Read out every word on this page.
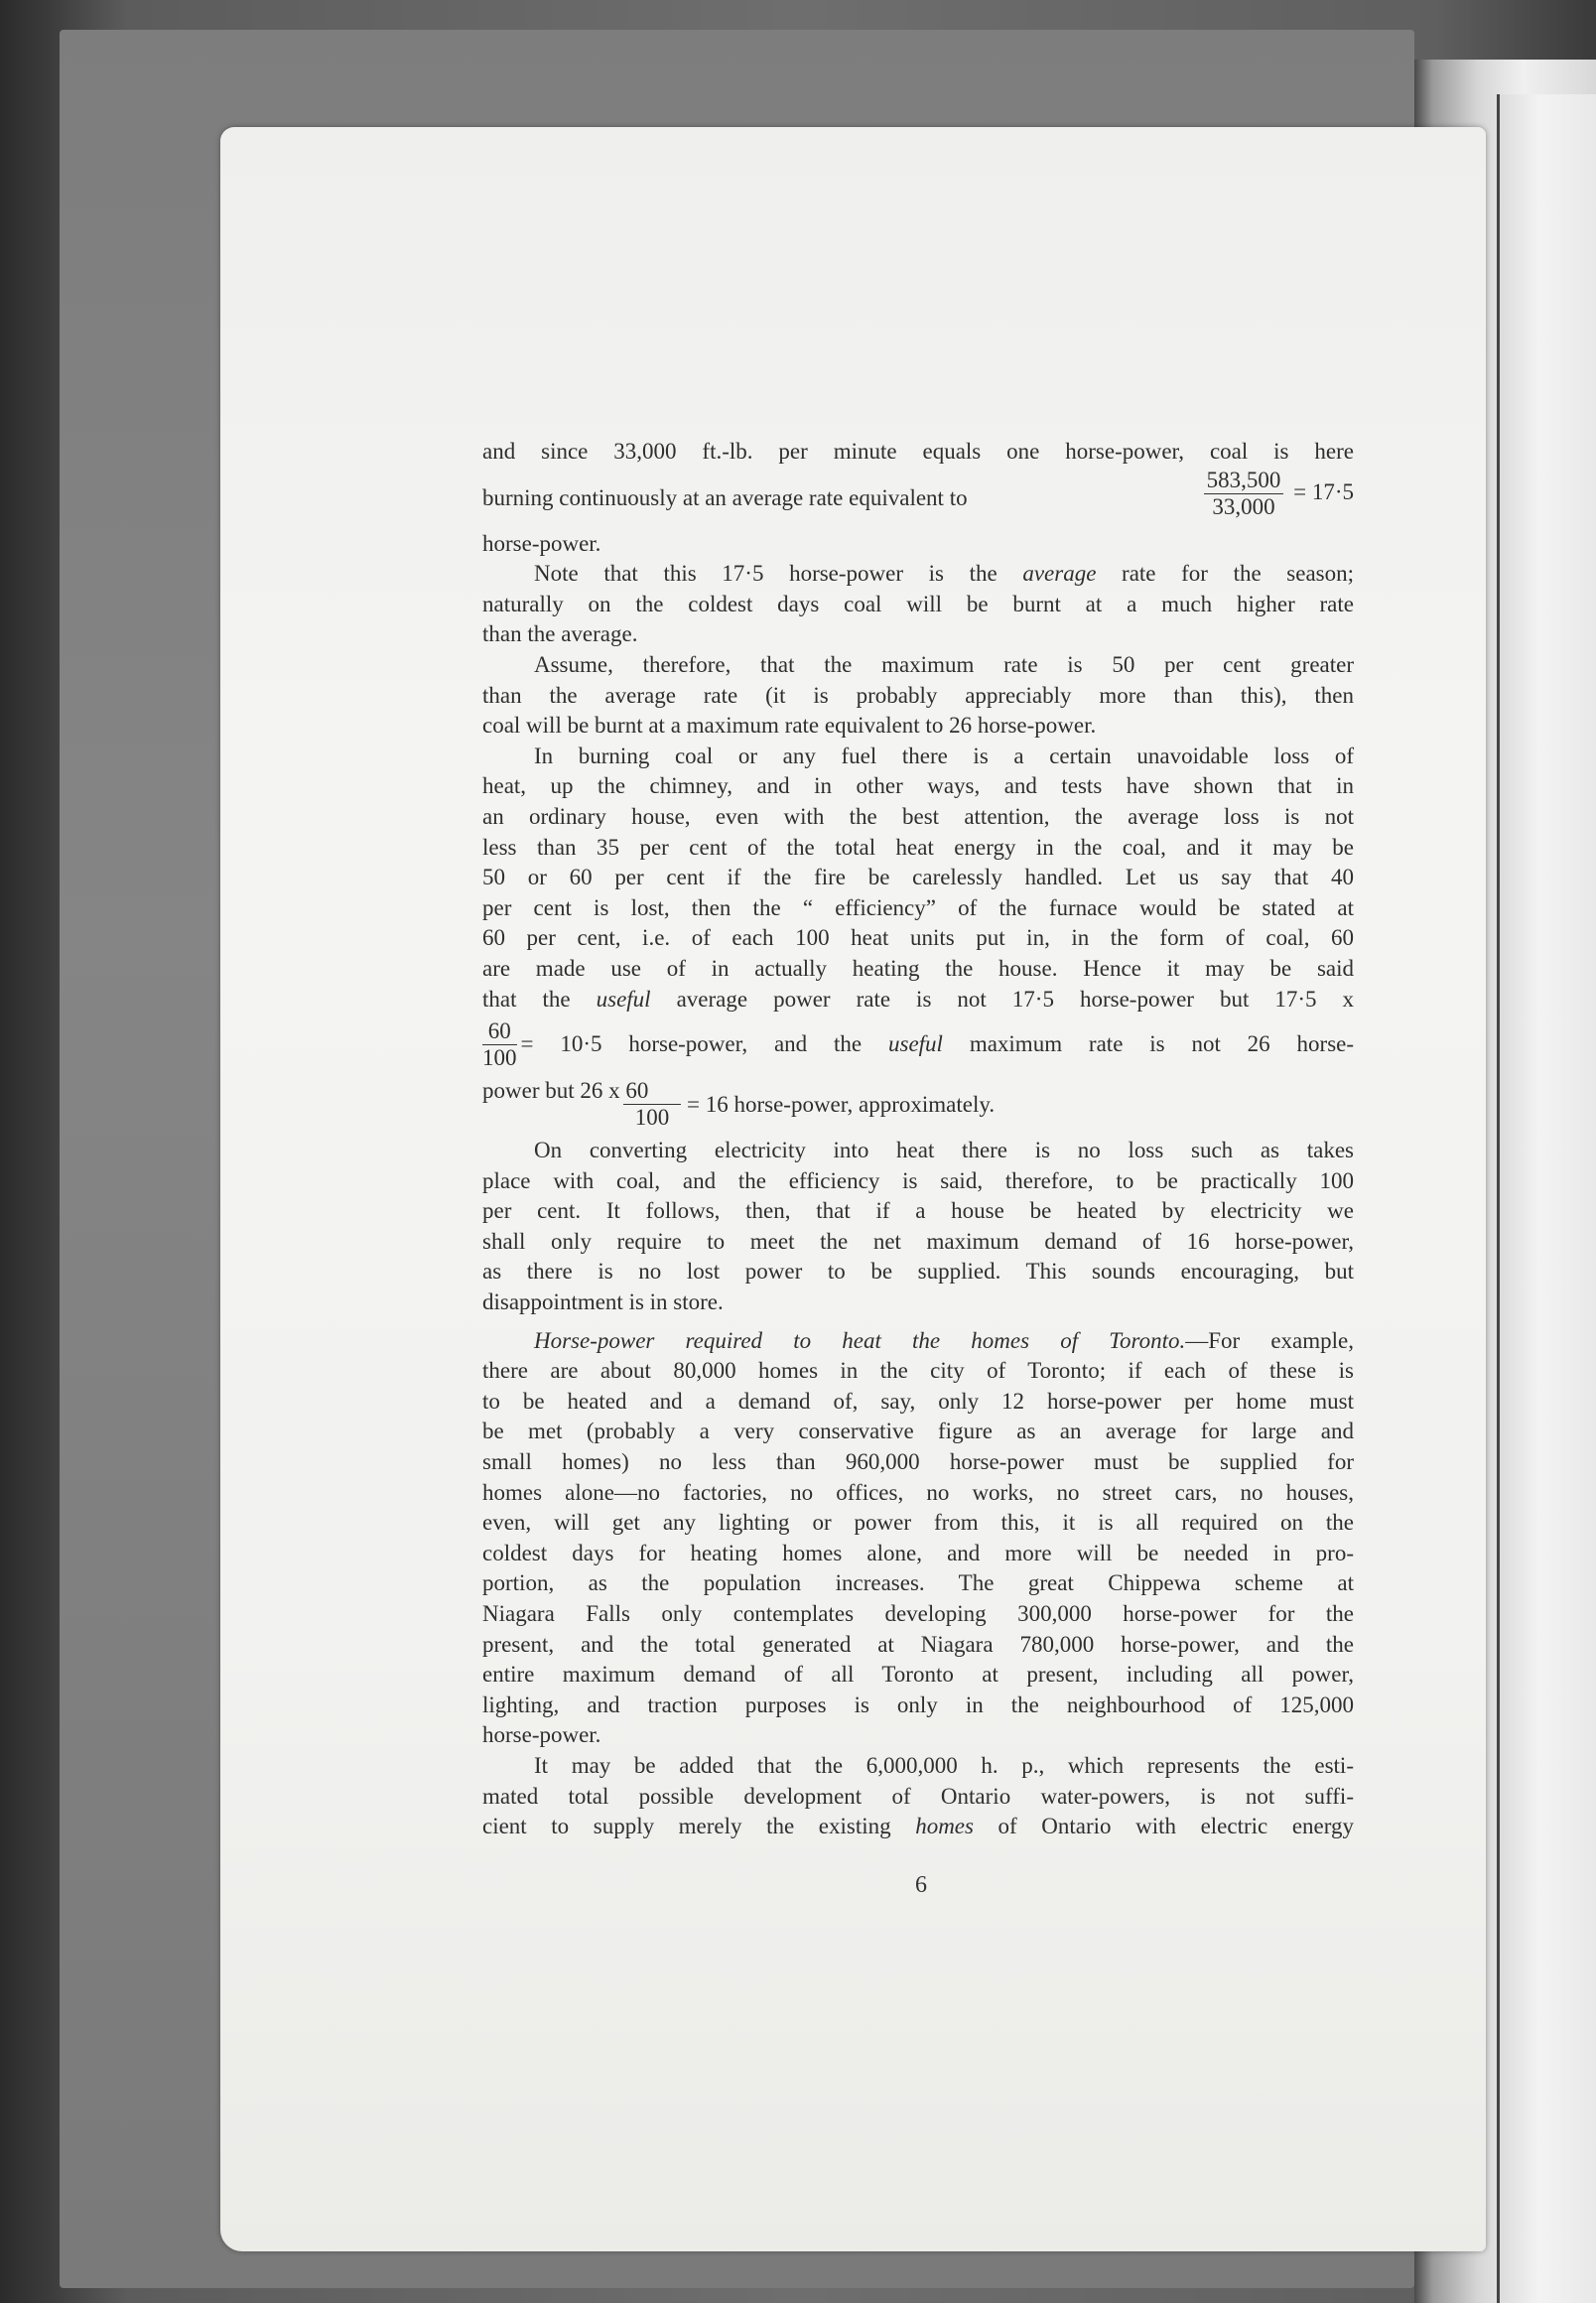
and since 33,000 ft.-lb. per minute equals one horse-power, coal is here
burning continuously at an average rate equivalent to	$\frac{583,500}{33,000} = 17\cdot 5$
horse-power.
Note that this 17·5 horse-power is the average rate for the season;
naturally on the coldest days coal will be burnt at a much higher rate
than the average.
Assume, therefore, that the maximum rate is 50 per cent greater
than the average rate (it is probably appreciably more than this), then
coal will be burnt at a maximum rate equivalent to 26 horse-power.
In burning coal or any fuel there is a certain unavoidable loss of
heat, up the chimney, and in other ways, and tests have shown that in
an ordinary house, even with the best attention, the average loss is not
less than 35 per cent of the total heat energy in the coal, and it may be
50 or 60 per cent if the fire be carelessly handled. Let us say that 40
per cent is lost, then the “ efficiency” of the furnace would be stated at
60 per cent, i.e. of each 100 heat units put in, in the form of coal, 60
are made use of in actually heating the house. Hence it may be said
that the useful average power rate is not 17·5 horse-power but 17·5 x
$\frac{60}{100} = 10\cdot 5$ horse-power, and the useful maximum rate is not 26 horse-
power but 26 x 60
100
= 16 horse-power, approximately.
On converting electricity into heat there is no loss such as takes
place with coal, and the efficiency is said, therefore, to be practically 100
per cent. It follows, then, that if a house be heated by electricity we
shall only require to meet the net maximum demand of 16 horse-power,
as there is no lost power to be supplied. This sounds encouraging, but
disappointment is in store.
Horse-power required to heat the homes of Toronto.—For example,
there are about 80,000 homes in the city of Toronto; if each of these is
to be heated and a demand of, say, only 12 horse-power per home must
be met (probably a very conservative figure as an average for large and
small homes) no less than 960,000 horse-power must be supplied for
homes alone—no factories, no offices, no works, no street cars, no houses,
even, will get any lighting or power from this, it is all required on the
coldest days for heating homes alone, and more will be needed in pro-
portion, as the population increases. The great Chippewa scheme at
Niagara Falls only contemplates developing 300,000 horse-power for the
present, and the total generated at Niagara 780,000 horse-power, and the
entire maximum demand of all Toronto at present, including all power,
lighting, and traction purposes is only in the neighbourhood of 125,000
horse-power.
It may be added that the 6,000,000 h. p., which represents the esti-
mated total possible development of Ontario water-powers, is not suffi-
cient to supply merely the existing homes of Ontario with electric energy
6
